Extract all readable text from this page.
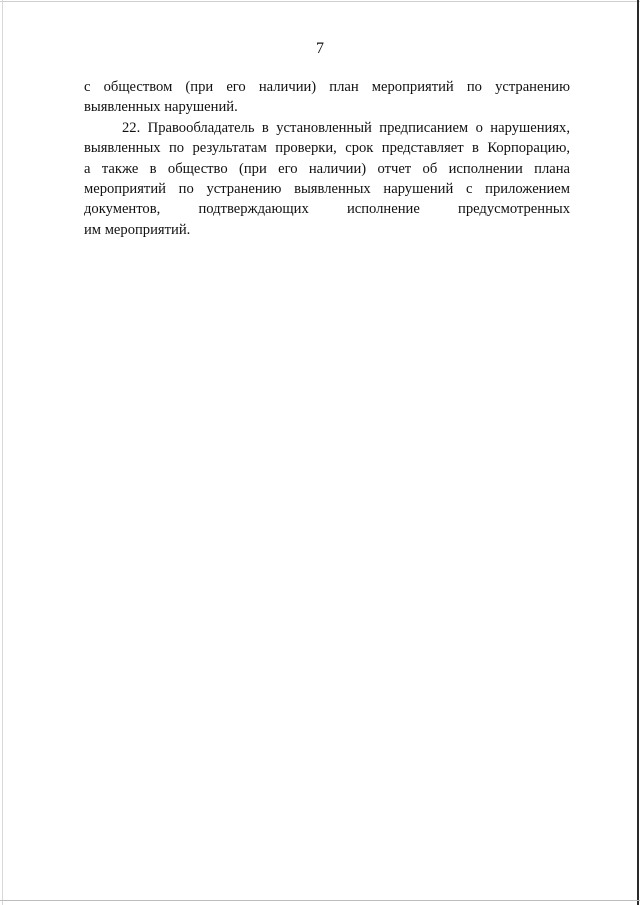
7

с обществом (при его наличии) план мероприятий по устранению
выявленных нарушений.

22. Правообладатель в установленный предписанием о нарушениях,
выявленных по результатам проверки, срок представляет в Корпорацию,
а также в общество (при его наличии) отчет об исполнении плана
мероприятий по устранению выявленных нарушений с приложением
документов, подтверждающих исполнение предусмотренных
им мероприятий.
